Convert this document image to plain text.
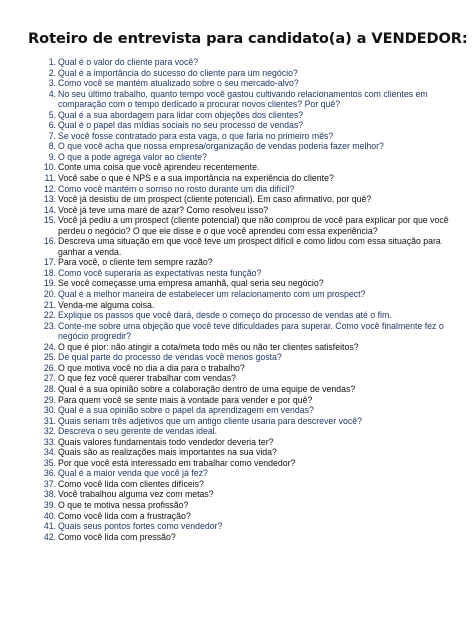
Roteiro de entrevista para candidato(a) a VENDEDOR:
1. Qual é o valor do cliente para você?
2. Qual é a importância do sucesso do cliente para um negócio?
3. Como você se mantém atualizado sobre o seu mercado-alvo?
4. No seu último trabalho, quanto tempo você gastou cultivando relacionamentos com clientes em comparação com o tempo dedicado a procurar novos clientes? Por quê?
5. Qual é a sua abordagem para lidar com objeções dos clientes?
6. Qual é o papel das mídias sociais no seu processo de vendas?
7. Se você fosse contratado para esta vaga, o que faria no primeiro mês?
8. O que você acha que nossa empresa/organização de vendas poderia fazer melhor?
9. O que a pode agrega valor ao cliente?
10. Conte uma coisa que você aprendeu recentemente.
11. Você sabe o que é NPS e a sua importância na experiência do cliente?
12. Como você mantém o sorriso no rosto durante um dia difícil?
13. Você já desistiu de um prospect (cliente potencial). Em caso afirmativo, por quê?
14. Você já teve uma maré de azar? Como resolveu isso?
15. Você já pediu a um prospect (cliente potencial) que não comprou de você para explicar por que você perdeu o negócio? O que ele disse e o que você aprendeu com essa experiência?
16. Descreva uma situação em que você teve um prospect difícil e como lidou com essa situação para ganhar a venda.
17. Para você, o cliente tem sempre razão?
18. Como você superaria as expectativas nesta função?
19. Se você começasse uma empresa amanhã, qual seria seu negócio?
20. Qual é a melhor maneira de estabelecer um relacionamento com um prospect?
21. Venda-me alguma coisa.
22. Explique os passos que você dará, desde o começo do processo de vendas até o fim.
23. Conte-me sobre uma objeção que você teve dificuldades para superar. Como você finalmente fez o negócio progredir?
24. O que é pior: não atingir a cota/meta todo mês ou não ter clientes satisfeitos?
25. De qual parte do processo de vendas você menos gosta?
26. O que motiva você no dia a dia para o trabalho?
27. O que fez você querer trabalhar com vendas?
28. Qual é a sua opinião sobre a colaboração dentro de uma equipe de vendas?
29. Para quem você se sente mais à vontade para vender e por quê?
30. Qual é a sua opinião sobre o papel da aprendizagem em vendas?
31. Quais seriam três adjetivos que um antigo cliente usaria para descrever você?
32. Descreva o seu gerente de vendas ideal.
33. Quais valores fundamentais todo vendedor deveria ter?
34. Quais são as realizações mais importantes na sua vida?
35. Por que você está interessado em trabalhar como vendedor?
36. Qual é a maior venda que você já fez?
37. Como você lida com clientes difíceis?
38. Você trabalhou alguma vez com metas?
39. O que te motiva nessa profissão?
40. Como você lida com a frustração?
41. Quais seus pontos fortes como vendedor?
42. Como você lida com pressão?
